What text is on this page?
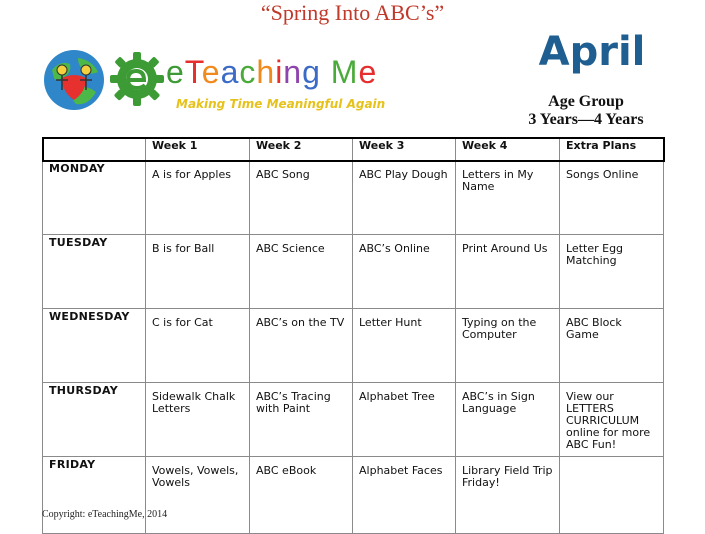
“Spring Into ABC’s”
eTeaching Me
Making Time Meaningful Again
April
Age Group
3 Years—4 Years
	Week 1	Week 2	Week 3	Week 4	Extra Plans
MONDAY	A is for Apples	ABC Song	ABC Play Dough	Letters in My Name	Songs Online
TUESDAY	B is for Ball	ABC Science	ABC’s Online	Print Around Us	Letter Egg Matching
WEDNESDAY	C is for Cat	ABC’s on the TV	Letter Hunt	Typing on the Computer	ABC Block Game
THURSDAY	Sidewalk Chalk Letters	ABC’s Tracing with Paint	Alphabet Tree	ABC’s in Sign Language	View our LETTERS CURRICULUM online for more ABC Fun!
FRIDAY	Vowels, Vowels, Vowels	ABC eBook	Alphabet Faces	Library Field Trip Friday!	
Copyright: eTeachingMe, 2014
